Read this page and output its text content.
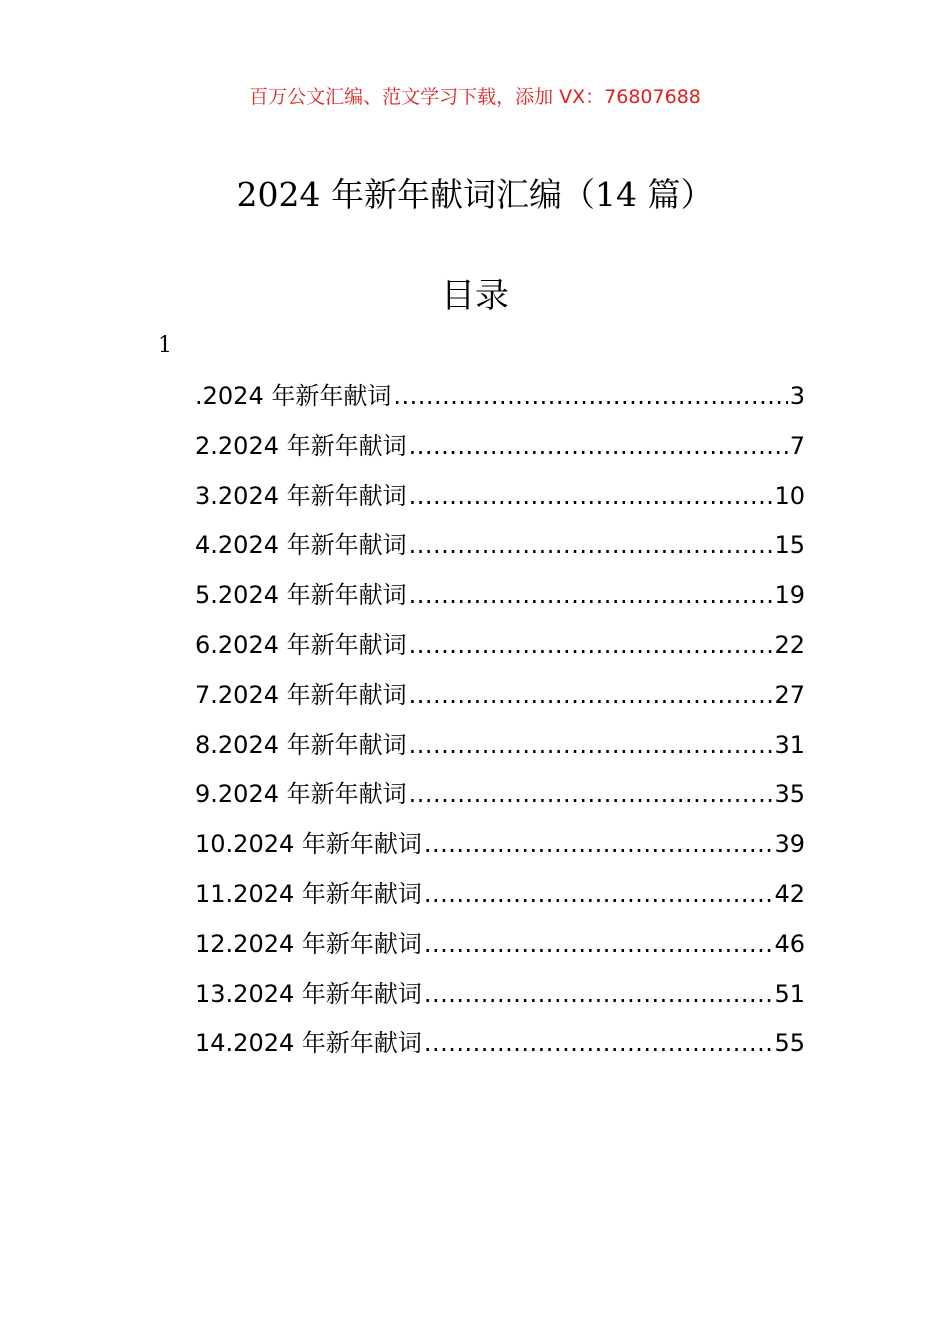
百万公文汇编、范文学习下载，添加 VX：76807688
2024 年新年献词汇编（14 篇）
目录
1
.2024 年新年献词 .....	3
2.2024 年新年献词 .....	7
3.2024 年新年献词 .....	10
4.2024 年新年献词 .....	15
5.2024 年新年献词 .....	19
6.2024 年新年献词 .....	22
7.2024 年新年献词 .....	27
8.2024 年新年献词 .....	31
9.2024 年新年献词 .....	35
10.2024 年新年献词 .....	39
11.2024 年新年献词 .....	42
12.2024 年新年献词 .....	46
13.2024 年新年献词 .....	51
14.2024 年新年献词 .....	55
